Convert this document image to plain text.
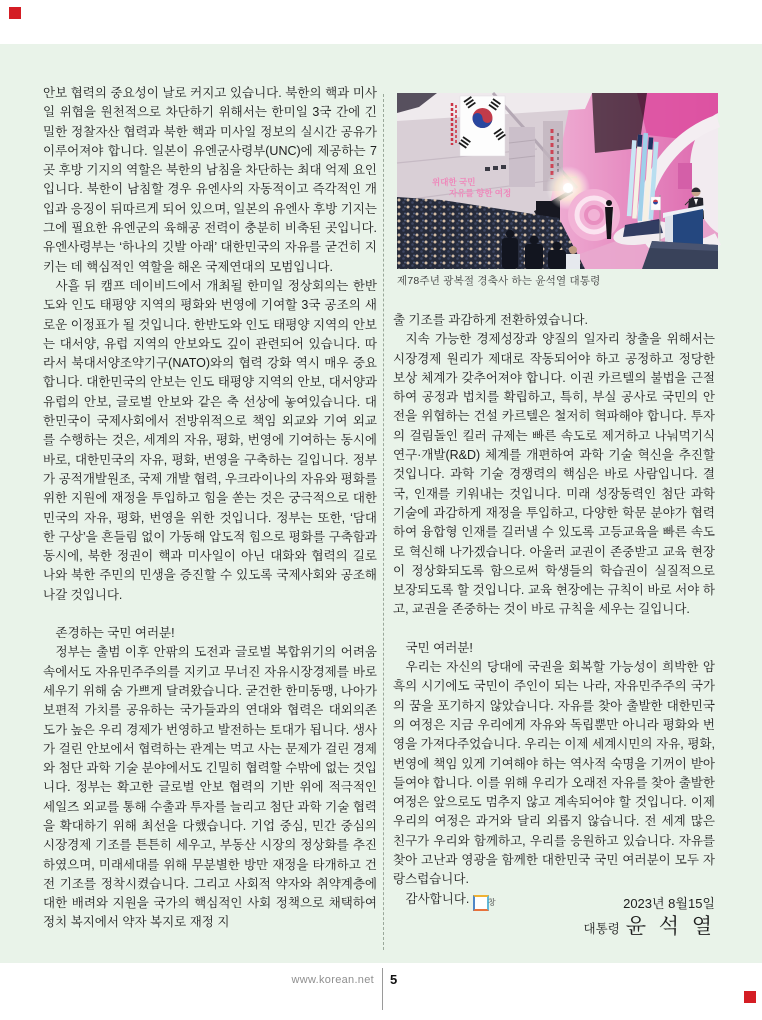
안보 협력의 중요성이 날로 커지고 있습니다. 북한의 핵과 미사일 위협을 원천적으로 차단하기 위해서는 한미일 3국 간에 긴밀한 정찰자산 협력과 북한 핵과 미사일 정보의 실시간 공유가 이루어져야 합니다. 일본이 유엔군사령부(UNC)에 제공하는 7곳 후방 기지의 역할은 북한의 남침을 차단하는 최대 억제 요인입니다. 북한이 남침할 경우 유엔사의 자동적이고 즉각적인 개입과 응징이 뒤따르게 되어 있으며, 일본의 유엔사 후방 기지는 그에 필요한 유엔군의 육해공 전력이 충분히 비축된 곳입니다. 유엔사령부는 ‘하나의 깃발 아래’ 대한민국의 자유를 굳건히 지키는 데 핵심적인 역할을 해온 국제연대의 모범입니다.

사흘 뒤 캠프 데이비드에서 개최될 한미일 정상회의는 한반도와 인도 태평양 지역의 평화와 번영에 기여할 3국 공조의 새로운 이정표가 될 것입니다. 한반도와 인도 태평양 지역의 안보는 대서양, 유럽 지역의 안보와도 깊이 관련되어 있습니다. 따라서 북대서양조약기구(NATO)와의 협력 강화 역시 매우 중요합니다. 대한민국의 안보는 인도 태평양 지역의 안보, 대서양과 유럽의 안보, 글로벌 안보와 같은 축 선상에 놓여있습니다. 대한민국이 국제사회에서 전방위적으로 책임 외교와 기여 외교를 수행하는 것은, 세계의 자유, 평화, 번영에 기여하는 동시에 바로, 대한민국의 자유, 평화, 번영을 구축하는 길입니다. 정부가 공적개발원조, 국제 개발 협력, 우크라이나의 자유와 평화를 위한 지원에 재정을 투입하고 힘을 쏟는 것은 궁극적으로 대한민국의 자유, 평화, 번영을 위한 것입니다. 정부는 또한, ‘담대한 구상’을 흔들림 없이 가동해 압도적 힘으로 평화를 구축함과 동시에, 북한 정권이 핵과 미사일이 아닌 대화와 협력의 길로 나와 북한 주민의 민생을 증진할 수 있도록 국제사회와 공조해 나갈 것입니다.

존경하는 국민 여러분!

정부는 출범 이후 안팎의 도전과 글로벌 복합위기의 어려움 속에서도 자유민주주의를 지키고 무너진 자유시장경제를 바로 세우기 위해 숨 가쁘게 달려왔습니다. 굳건한 한미동맹, 나아가 보편적 가치를 공유하는 국가들과의 연대와 협력은 대외의존도가 높은 우리 경제가 번영하고 발전하는 토대가 됩니다. 생사가 걸린 안보에서 협력하는 관계는 먹고 사는 문제가 걸린 경제와 첨단 과학 기술 분야에서도 긴밀히 협력할 수밖에 없는 것입니다. 정부는 확고한 글로벌 안보 협력의 기반 위에 적극적인 세일즈 외교를 통해 수출과 투자를 늘리고 첨단 과학 기술 협력을 확대하기 위해 최선을 다했습니다. 기업 중심, 민간 중심의 시장경제 기조를 튼튼히 세우고, 부동산 시장의 정상화를 추진하였으며, 미래세대를 위해 무분별한 방만 재정을 타개하고 건전 기조를 정착시켰습니다. 그리고 사회적 약자와 취약계층에 대한 배려와 지원을 국가의 핵심적인 사회 정책으로 채택하여 정치 복지에서 약자 복지로 재정 지

위대한 국민
자유를 향한 여정
제78주년 광복절 경축사 하는 윤석열 대통령

출 기조를 과감하게 전환하였습니다.

지속 가능한 경제성장과 양질의 일자리 창출을 위해서는 시장경제 원리가 제대로 작동되어야 하고 공정하고 정당한 보상 체계가 갖추어져야 합니다. 이권 카르텔의 불법을 근절하여 공정과 법치를 확립하고, 특히, 부실 공사로 국민의 안전을 위협하는 건설 카르텔은 철저히 혁파해야 합니다. 투자의 걸림돌인 킬러 규제는 빠른 속도로 제거하고 나눠먹기식 연구·개발(R&D) 체계를 개편하여 과학 기술 혁신을 추진할 것입니다. 과학 기술 경쟁력의 핵심은 바로 사람입니다. 결국, 인재를 키워내는 것입니다. 미래 성장동력인 첨단 과학 기술에 과감하게 재정을 투입하고, 다양한 학문 분야가 협력하여 융합형 인재를 길러낼 수 있도록 고등교육을 빠른 속도로 혁신해 나가겠습니다. 아울러 교권이 존중받고 교육 현장이 정상화되도록 함으로써 학생들의 학습권이 실질적으로 보장되도록 할 것입니다. 교육 현장에는 규칙이 바로 서야 하고, 교권을 존중하는 것이 바로 규칙을 세우는 길입니다.

국민 여러분!

우리는 자신의 당대에 국권을 회복할 가능성이 희박한 암흑의 시기에도 국민이 주인이 되는 나라, 자유민주주의 국가의 꿈을 포기하지 않았습니다. 자유를 찾아 출발한 대한민국의 여정은 지금 우리에게 자유와 독립뿐만 아니라 평화와 번영을 가져다주었습니다. 우리는 이제 세계시민의 자유, 평화, 번영에 책임 있게 기여해야 하는 역사적 숙명을 기꺼이 받아들여야 합니다. 이를 위해 우리가 오래전 자유를 찾아 출발한 여정은 앞으로도 멈추지 않고 계속되어야 할 것입니다. 이제 우리의 여정은 과거와 달리 외롭지 않습니다. 전 세계 많은 친구가 우리와 함께하고, 우리를 응원하고 있습니다. 자유를 찾아 고난과 영광을 함께한 대한민국 국민 여러분이 모두 자랑스럽습니다.

감사합니다. 창	2023년 8월15일
대통령 윤 석 열
www.korean.net 5
